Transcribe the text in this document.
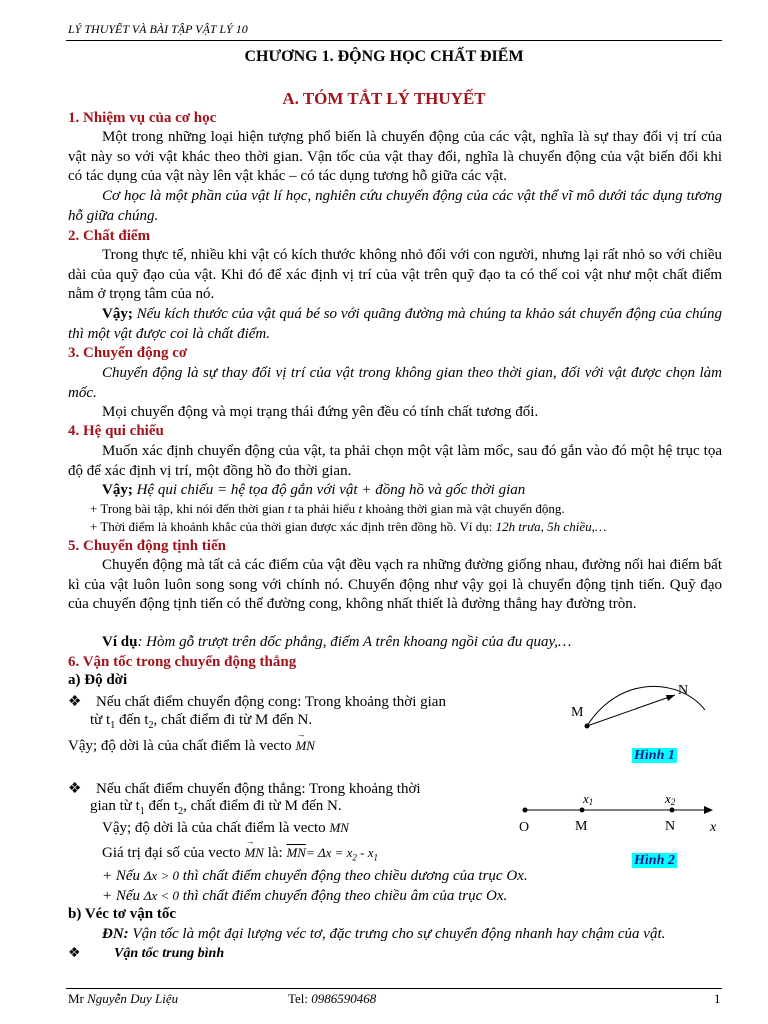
LÝ THUYẾT VÀ BÀI TẬP VẬT LÝ 10
CHƯƠNG 1. ĐỘNG HỌC CHẤT ĐIỂM
A. TÓM TẮT LÝ THUYẾT
1. Nhiệm vụ của cơ học
Một trong những loại hiện tượng phổ biến là chuyển động của các vật, nghĩa là sự thay đổi vị trí của vật này so với vật khác theo thời gian. Vận tốc của vật thay đổi, nghĩa là chuyển động của vật biến đổi khi có tác dụng của vật này lên vật khác – có tác dụng tương hỗ giữa các vật.
Cơ học là một phần của vật lí học, nghiên cứu chuyển động của các vật thể vĩ mô dưới tác dụng tương hỗ giữa chúng.
2. Chất điểm
Trong thực tế, nhiều khi vật có kích thước không nhỏ đối với con người, nhưng lại rất nhỏ so với chiều dài của quỹ đạo của vật. Khi đó để xác định vị trí của vật trên quỹ đạo ta có thể coi vật như một chất điểm nằm ở trọng tâm của nó.
Vậy; Nếu kích thước của vật quá bé so với quãng đường mà chúng ta khảo sát chuyển động của chúng thì một vật được coi là chất điểm.
3. Chuyển động cơ
Chuyển động là sự thay đổi vị trí của vật trong không gian theo thời gian, đối với vật được chọn làm mốc.
Mọi chuyển động và mọi trạng thái đứng yên đều có tính chất tương đối.
4. Hệ qui chiếu
Muốn xác định chuyển động của vật, ta phải chọn một vật làm mốc, sau đó gắn vào đó một hệ trục tọa độ để xác định vị trí, một đồng hồ đo thời gian.
Vậy; Hệ qui chiếu = hệ tọa độ gắn với vật + đồng hồ và gốc thời gian
+ Trong bài tập, khi nói đến thời gian t ta phải hiểu t khoảng thời gian mà vật chuyển động.
+ Thời điểm là khoảnh khắc của thời gian được xác định trên đồng hồ. Ví dụ: 12h trưa, 5h chiều,…
5. Chuyển động tịnh tiến
Chuyển động mà tất cả các điểm của vật đều vạch ra những đường giống nhau, đường nối hai điểm bất kì của vật luôn luôn song song với chính nó. Chuyển động như vậy gọi là chuyển động tịnh tiến. Quỹ đạo của chuyển động tịnh tiến có thể đường cong, không nhất thiết là đường thẳng hay đường tròn.
Ví dụ: Hòm gỗ trượt trên dốc phẳng, điểm A trên khoang ngồi của đu quay,…
6. Vận tốc trong chuyển động thẳng
a) Độ dời
❖ Nếu chất điểm chuyển động cong: Trong khoảng thời gian
từ $t_1$ đến $t_2$, chất điểm đi từ M đến N.
Vậy; độ dời là của chất điểm là vecto
→
MN
M
N
Hình 1
❖ Nếu chất điểm chuyển động thẳng: Trong khoảng thời
gian từ $t_1$ đến $t_2$, chất điểm đi từ M đến N.
Vậy; độ dời là của chất điểm là vecto MN
Giá trị đại số của vecto
→
MN là: $\overline{MN}= \Delta x = x_2 - x_1$
+ Nếu Δx > 0 thì chất điểm chuyển động theo chiều dương của trục Ox.
+ Nếu Δx < 0 thì chất điểm chuyển động theo chiều âm của trục Ox.
x1	x2
O	M	N x
Hình 2
b) Véc tơ vận tốc
ĐN: Vận tốc là một đại lượng véc tơ, đặc trưng cho sự chuyển động nhanh hay chậm của vật.
❖ Vận tốc trung bình
Mr Nguyễn Duy Liệu	Tel: 0986590468	1
